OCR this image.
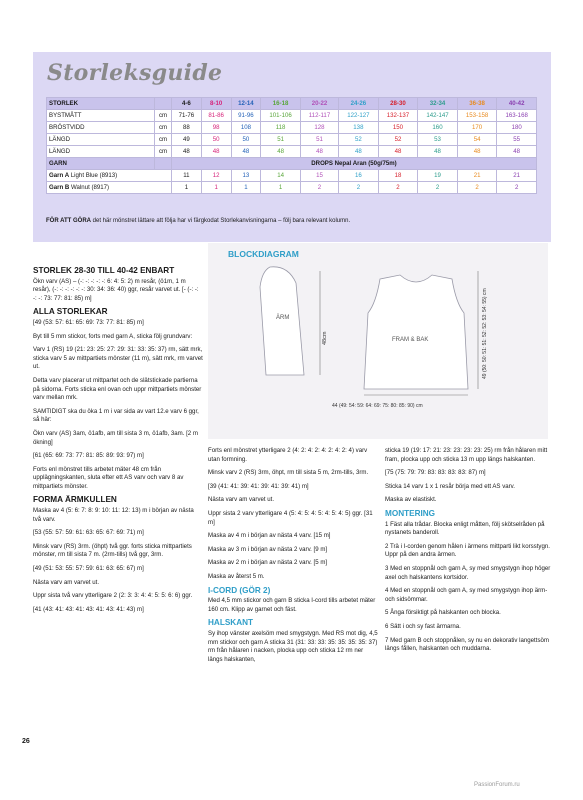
Storleksguide
STORLEK		4-6	8-10	12-14	16-18	20-22	24-26	28-30	32-34	36-38	40-42
BYSTMÅTT	cm	71-76	81-86	91-96	101-106	112-117	122-127	132-137	142-147	153-158	163-168
BRÖSTVIDD	cm	88	98	108	118	128	138	150	160	170	180
LÄNGD	cm	49	50	50	51	51	52	52	53	54	55
LÄNGD	cm	48	48	48	48	48	48	48	48	48	48
GARN		DROPS Nepal Aran (50g/75m)									
Garn A Light Blue (8913)		11	12	13	14	15	16	18	19	21	21
Garn B Walnut (8917)		1	1	1	1	2	2	2	2	2	2
FÖR ATT GÖRA det här mönstret lättare att följa har vi färgkodat Storlekanvisningarna – följ bara relevant kolumn.
BLOCKDIAGRAM
ÄRM
48cm	FRAM & BAK	49 (50: 50: 51: 51: 52: 52: 53: 54: 55) cm
44 (49: 54: 59: 64: 69: 75: 80: 85: 90) cm
STORLEK 28-30 TILL 40-42 ENBART

Ökn varv (AS) – (-: -: -: -: -: 6: 4: 5: 2) m resår, (ö1m, 1 m resår), (-: -: -: -: -: -: 30: 34: 36: 40) ggr, resår varvet ut. [- (-: -: -: -: 73: 77: 81: 85) m]

ALLA STORLEKAR

[49 (53: 57: 61: 65: 69: 73: 77: 81: 85) m]

Byt till 5 mm stickor, forts med garn A, sticka följ grundvarv:

Varv 1 (RS) 19 (21: 23: 25: 27: 29: 31: 33: 35: 37) rm, sätt mrk, sticka varv 5 av mittpartiets mönster (11 m), sätt mrk, rm varvet ut.

Detta varv placerar ut mittpartet och de slätstickade partierna på sidorna. Forts sticka enl ovan och uppr mittpartiets mönster varv mellan mrk.

SAMTIDIGT ska du öka 1 m i var sida av vart 12.e varv 6 ggr, så här:

Ökn varv (AS) 3am, ö1afb, am till sista 3 m, ö1afb, 3am. [2 m ökning]

[61 (65: 69: 73: 77: 81: 85: 89: 93: 97) m]

Forts enl mönstret tills arbetet mäter 48 cm från upplägningskanten, sluta efter ett AS varv och varv 8 av mittpartiets mönster.

FORMA ÄRMKULLEN

Maska av 4 (5: 6: 7: 8: 9: 10: 11: 12: 13) m i början av nästa två varv.

[53 (55: 57: 59: 61: 63: 65: 67: 69: 71) m]

Minsk varv (RS) 3rm. (öhpt) två ggr. forts sticka mittpartiets mönster, rm till sista 7 m. (2rm-tills) två ggr, 3rm.

[49 (51: 53: 55: 57: 59: 61: 63: 65: 67) m]

Nästa varv am varvet ut.

Uppr sista två varv ytterligare 2 (2: 3: 3: 4: 4: 5: 5: 6: 6) ggr.

[41 (43: 41: 43: 41: 43: 41: 43: 41: 43) m]

Forts enl mönstret ytterligare 2 (4: 2: 4: 2: 4: 2: 4: 2: 4) varv utan formning.

Minsk varv 2 (RS) 3rm, öhpt, rm till sista 5 m, 2rm-tills, 3rm.

[39 (41: 41: 39: 41: 39: 41: 39: 41) m]

Nästa varv am varvet ut.

Uppr sista 2 varv ytterligare 4 (5: 4: 5: 4: 5: 4: 5: 4: 5) ggr. [31 m]

Maska av 4 m i början av nästa 4 varv. [15 m]

Maska av 3 m i början av nästa 2 varv. [9 m]

Maska av 2 m i början av nästa 2 varv. [5 m]

Maska av återst 5 m.

I-CORD (GÖR 2)

Med 4,5 mm stickor och garn B sticka I-cord tills arbetet mäter 160 cm. Klipp av garnet och fäst.

HALSKANT

Sy ihop vänster axelsöm med smygstygn. Med RS mot dig, 4,5 mm stickor och garn A sticka 31 (31: 33: 33: 35: 35: 35: 35: 37) rm från hålaren i nacken, plocka upp och sticka 12 rm ner längs halskanten,

sticka 19 (19: 17: 21: 23: 23: 23: 23: 25) rm från hålaren mitt fram, plocka upp och sticka 13 m upp längs halskanten.

[75 (75: 79: 79: 83: 83: 83: 83: 87) m]

Sticka 14 varv 1 x 1 resår börja med ett AS varv.

Maska av elastiskt.

MONTERING

1 Fäst alla trådar. Blocka enligt måtten, följ skötselråden på nystanets banderoll.

2 Trä i I-corden genom hålen i ärmens mittparti likt korsstygn. Uppr på den andra ärmen.

3 Med en stoppnål och garn A, sy med smygstygn ihop höger axel och halskantens kortsidor.

4 Med en stoppnål och garn A, sy med smygstygn ihop ärm- och sidsömmar.

5 Ånga försiktigt på halskanten och blocka.

6 Sätt i och sy fast ärmarna.

7 Med garn B och stoppnålen, sy nu en dekorativ langettsöm längs fållen, halskanten och muddarna.

26
PassionForum.ru
